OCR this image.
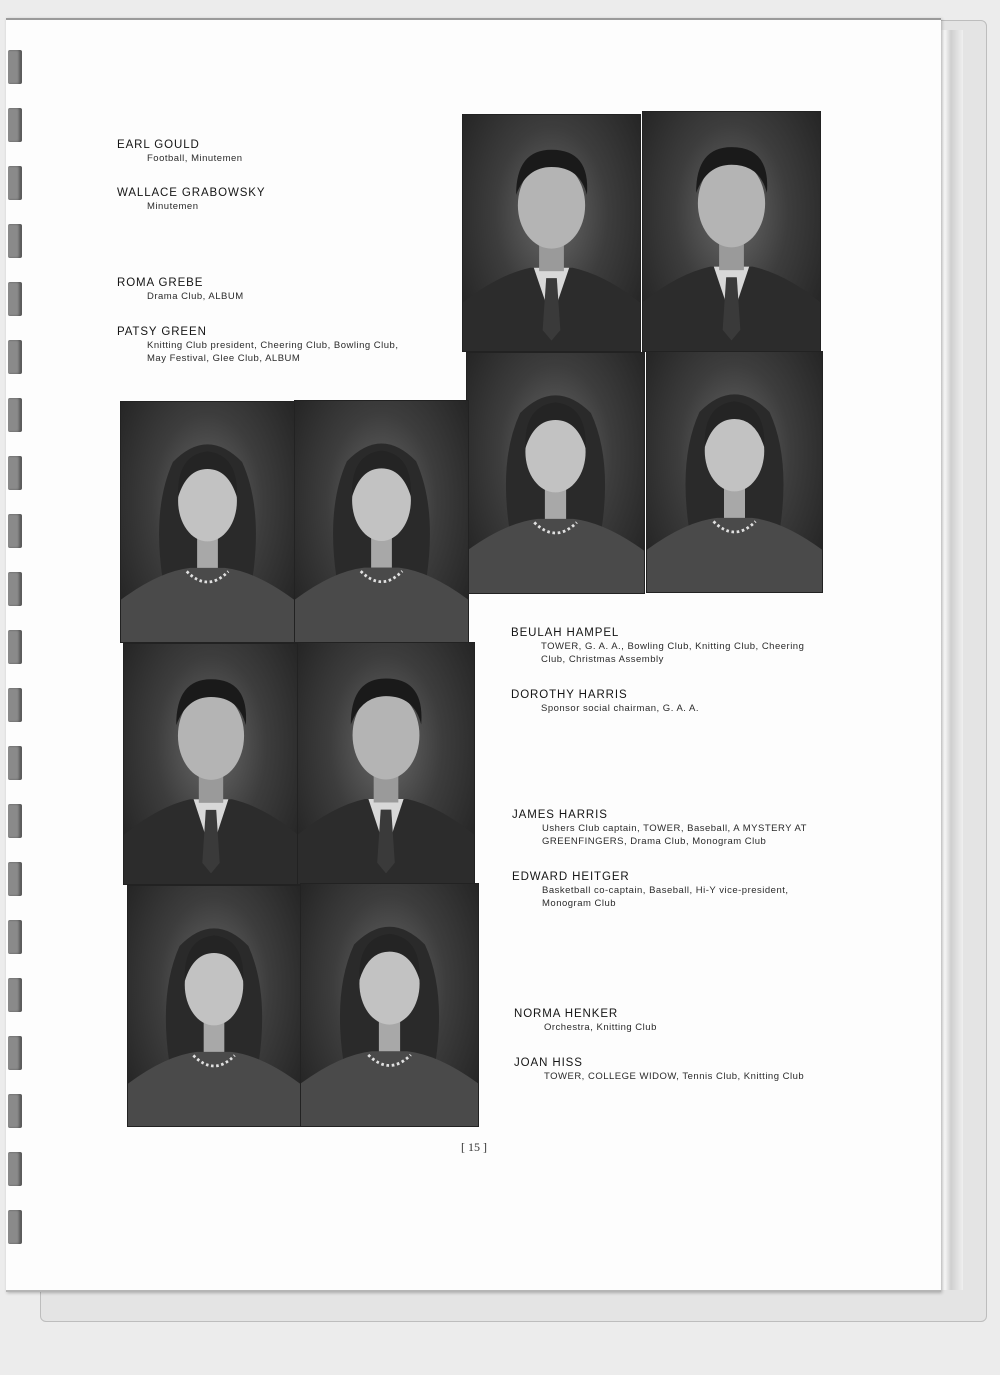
EARL GOULD
Football, Minutemen
WALLACE GRABOWSKY
Minutemen
ROMA GREBE
Drama Club, ALBUM
PATSY GREEN
Knitting Club president, Cheering Club, Bowling Club,
May Festival, Glee Club, ALBUM
BEULAH HAMPEL
TOWER, G. A. A., Bowling Club, Knitting Club, Cheering
Club, Christmas Assembly
DOROTHY HARRIS
Sponsor social chairman, G. A. A.
JAMES HARRIS
Ushers Club captain, TOWER, Baseball, A MYSTERY AT
GREENFINGERS, Drama Club, Monogram Club
EDWARD HEITGER
Basketball co-captain, Baseball, Hi-Y vice-president,
Monogram Club
NORMA HENKER
Orchestra, Knitting Club
JOAN HISS
TOWER, COLLEGE WIDOW, Tennis Club, Knitting Club
[ 15 ]
